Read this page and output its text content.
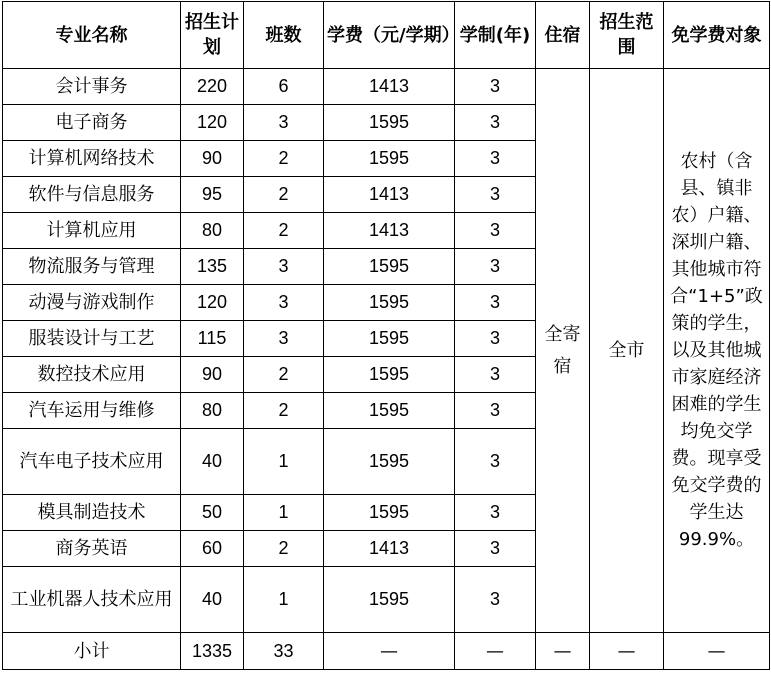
专业名称	招生计划	班数	学费（元/学期）	学制(年)	住宿	招生范围	免学费对象
会计事务	220	6	1413	3	全寄宿	全市	农村（含县、镇非农）户籍、深圳户籍、其他城市符合“1+5”政策的学生，以及其他城市家庭经济困难的学生均免交学费。现享受免交学费的学生达99.9%。
电子商务	120	3	1595	3			
计算机网络技术	90	2	1595	3			
软件与信息服务	95	2	1413	3			
计算机应用	80	2	1413	3			
物流服务与管理	135	3	1595	3			
动漫与游戏制作	120	3	1595	3			
服装设计与工艺	115	3	1595	3			
数控技术应用	90	2	1595	3			
汽车运用与维修	80	2	1595	3			
汽车电子技术应用	40	1	1595	3			
模具制造技术	50	1	1595	3			
商务英语	60	2	1413	3			
工业机器人技术应用	40	1	1595	3			
小计	1335	33	—	—	—	—	—
